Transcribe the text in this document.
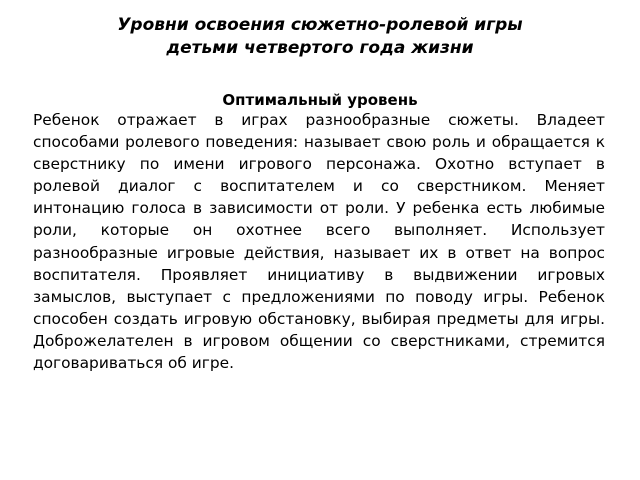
Уровни освоения сюжетно-ролевой игры
детьми четвертого года жизни
Оптимальный уровень

Ребенок отражает в играх разнообразные сюжеты. Владеет способами ролевого поведения: называет свою роль и обращается к сверстнику по имени игрового персонажа. Охотно вступает в ролевой диалог с воспитателем и со сверстником. Меняет интонацию голоса в зависимости от роли. У ребенка есть любимые роли, которые он охотнее всего выполняет. Использует разнообразные игровые действия, называет их в ответ на вопрос воспитателя. Проявляет инициативу в выдвижении игровых замыслов, выступает с предложениями по поводу игры. Ребенок способен создать игровую обстановку, выбирая предметы для игры. Доброжелателен в игровом общении со сверстниками, стремится договариваться об игре.
